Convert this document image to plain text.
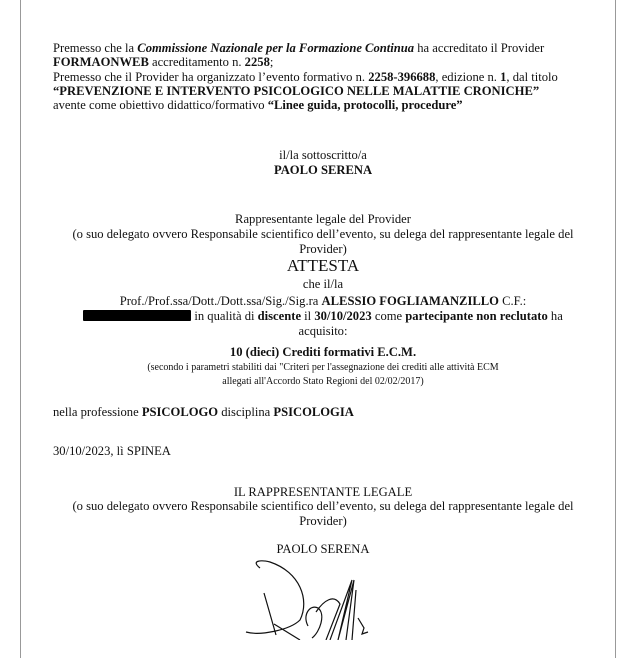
Premesso che la Commissione Nazionale per la Formazione Continua ha accreditato il Provider
FORMAONWEB accreditamento n. 2258;
Premesso che il Provider ha organizzato l’evento formativo n. 2258-396688, edizione n. 1, dal titolo
“PREVENZIONE E INTERVENTO PSICOLOGICO NELLE MALATTIE CRONICHE”
avente come obiettivo didattico/formativo “Linee guida, protocolli, procedure”
il/la sottoscritto/a
PAOLO SERENA
Rappresentante legale del Provider
(o suo delegato ovvero Responsabile scientifico dell’evento, su delega del rappresentante legale del
Provider)
ATTESTA
che il/la
Prof./Prof.ssa/Dott./Dott.ssa/Sig./Sig.ra ALESSIO FOGLIAMANZILLO C.F.:
in qualità di discente il 30/10/2023 come partecipante non reclutato ha
acquisito:
10 (dieci) Crediti formativi E.C.M.
(secondo i parametri stabiliti dai "Criteri per l'assegnazione dei crediti alle attività ECM
allegati all'Accordo Stato Regioni del 02/02/2017)
nella professione PSICOLOGO disciplina PSICOLOGIA
30/10/2023, lì SPINEA
IL RAPPRESENTANTE LEGALE
(o suo delegato ovvero Responsabile scientifico dell’evento, su delega del rappresentante legale del
Provider)
PAOLO SERENA
